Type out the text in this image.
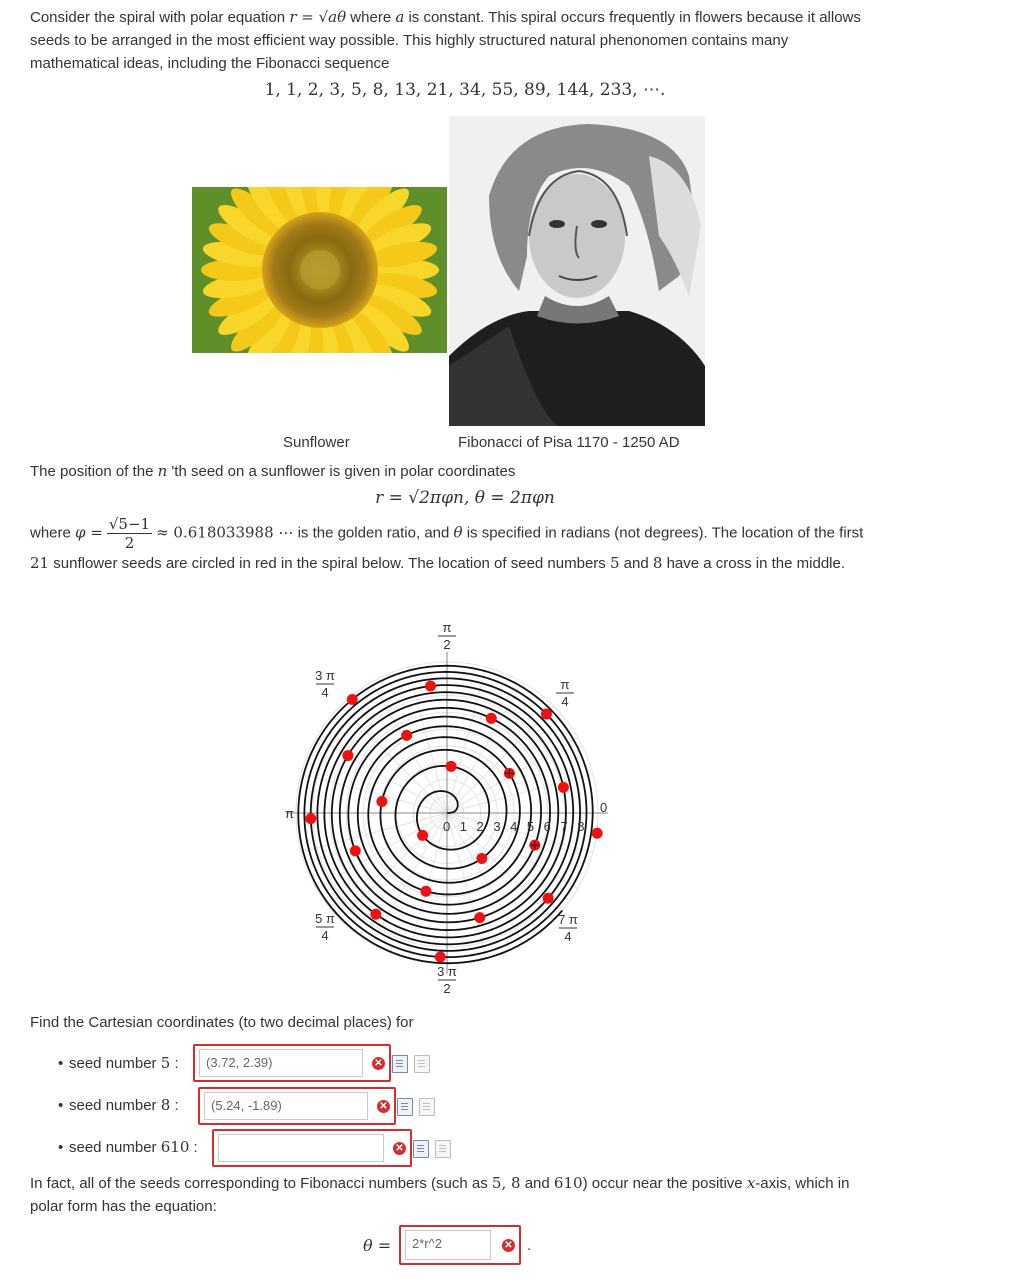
Consider the spiral with polar equation r = √aθ where a is constant. This spiral occurs frequently in flowers because it allows seeds to be arranged in the most efficient way possible. This highly structured natural phenonomen contains many mathematical ideas, including the Fibonacci sequence

1, 1, 2, 3, 5, 8, 13, 21, 34, 55, 89, 144, 233, ⋯.
Sunflower	Fibonacci of Pisa 1170 - 1250 AD

The position of the n 'th seed on a sunflower is given in polar coordinates

r = √2πφn, θ = 2πφn

where $\varphi = \frac{√5-1}{2} \approx 0.618033988$ ⋯ is the golden ratio, and θ is specified in radians (not degrees). The location of the first 21 sunflower seeds are circled in red in the spiral below. The location of seed numbers 5 and 8 have a cross in the middle.

0 1 2 3 4 5 6 7 8
π
2
π
4
3 π
4
5 π
4
3 π
2
7 π
4
π	0
Find the Cartesian coordinates (to two decimal places) for
• seed number 5 :	(3.72, 2.39)	✕
• seed number 8 :	(5.24, -1.89)	✕
• seed number 610 :	✕

In fact, all of the seeds corresponding to Fibonacci numbers (such as 5, 8 and 610) occur near the positive x-axis, which in polar form has the equation:

θ =	2*r^2	✕ .
